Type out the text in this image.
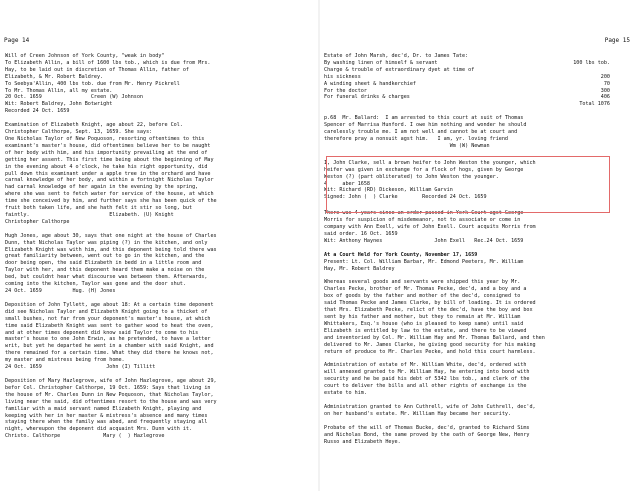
Page 14
Will of Creen Johnson of York County, "weak in body"
To Elizabeth Allin, a bill of 1600 lbs tob., which is due from Mrs.
Hay, to be laid out in discretion of Thomas Allin, father of
Elizabeth, & Mr. Robert Baldrey.
To Seebya'Allin, 400 lbs tob. due from Mr. Henry Pickrell
To Mr. Thomas Allin, all my estate.
20 Oct. 1659                Creen (W) Johnson
Wit: Robert Baldrey, John Botwright
Recorded 24 Oct. 1659
Examination of Elizabeth Knight, age about 22, before Col.
Christopher Calthorpe, Sept. 13, 1659. She says:
One Nicholas Taylor of New Poquoson, resorting oftentimes to this
examinant's master's house, did oftentimes believe her to be naught
of her body with him, and his importunity prevailing at the end of
getting her assent. This first time being about the beginning of May
in the evening about 4 o'clock, he take his right opportunity, did
pull down this examinant under a apple tree in the orchard and have
carnal knowledge of her body, and within a fortnight Nicholas Taylor
had carnal knowledge of her again in the evening by the spring,
where she was sent to fetch water for service of the house, at which
time she conceived by him, and further says she has been quick of the
fruit both taken life, and she hath felt it stir so long, but
faintly.                          Elizabeth. (U) Knight
Christopher Calthorpe
Hugh Jones, age about 30, says that one night at the house of Charles
Dunn, that Nicholas Taylor was piping (?) in the kitchen, and only
Elizabeth Knight was with him, and this deponent being told there was
great familiarity between, went out to go in the kitchen, and the
door being open, the said Elizabeth in bedd in a little room and
Taylor with her, and this deponent heard them make a noise on the
bed, but couldnt hear what discourse was between them. Afterwards,
coming into the kitchen, Taylor was gone and the door shut.
24 Oct. 1659          Hug. (H) Jones
Deposition of John Tyllett, age about 18: At a certain time deponent
did see Nicholas Taylor and Elizabeth Knight going to a thicket of
small bushes, not far from your deponent's master's house, at which
time said Elizabeth Knight was sent to gather wood to heat the oven,
and at other times deponent did know said Taylor to come to his
master's house to one John Erwin, as he pretended, to have a letter
writ, but yet he departed he went in a chamber with said Knight, and
there remained for a certain time. What they did there he knows not,
my master and mistress being from home.
24 Oct. 1659                     John (I) Tillitt
Deposition of Mary Hazlegrove, wife of John Hazlegrove, age about 29,
befor Col. Christopher Calthorpe, 19 Oct. 1659: Says that living in
the house of Mr. Charles Dunn in New Poquoson, that Nicholas Taylor,
living near the said, did oftentimes resort to the house and was very
familiar with a maid servant named Elizabeth Knight, playing and
keeping with her in her master & mistress's absence and many times
staying there when the family was abed, and frequently staying all
night, whereupon the deponent did acquaint Mrs. Dunn with it.
Christo. Calthorpe              Mary (  ) Hazlegrove
Page 15
Estate of John Marsh, dec'd, Dr. to James Tate:
By washing linen of himself & servant	100 lbs tob.
Charge & trouble of extraordinary dyet at time of
his sickness	200
A winding sheet & handkerchief	70
For the doctor	300
For funeral drinks & charges	406
Total 1076
p.68  Mr. Ballard:  I am arrested to this court at suit of Thomas
Spencer of Marrisa Hunford. I owe him nothing and wonder he should
carelessly trouble me. I am not well and cannot be at court and
therefore pray a nonsuit agst him.   I am, yr. loving friend
Wm (W) Newman
I, John Clarke, sell a brown heifer to John Weston the younger, which
heifer was given in exchange for a flock of hogs, given by George
Weston (?) (part obliterated) to John Weston the younger.
4     aber 1658
Wit: Richard (RD) Dickeson, William Garvin
Signed: John (  ) Clarke        Recorded 24 Oct. 1659
There was 4 years since an order passed in York Court agst George
Morris for suspicion of misdemeanor, not to associate or come in
company with Ann Exell, wife of John Exell. Court acquits Morris from
said order. 16 Oct. 1659
Wit: Anthony Haynes                 John Exell   Rec.24 Oct. 1659
At a Court Held for York County, November 17, 1659
Present: Lt. Col. William Barbar, Mr. Edmond Peeters, Mr. William
Hay, Mr. Robert Baldrey
Whereas several goods and servants were shipped this year by Mr.
Charles Pecke, brother of Mr. Thomas Pecke, dec'd, and a boy and a
box of goods by the father and mother of the dec'd, consigned to
said Thomas Pecke and James Clarke, by bill of loading. It is ordered
that Mrs. Elizabeth Pecke, relict of the dec'd, have the boy and box
sent by his father and mother, but they to remain at Mr. William
Whittakers, Esq.'s house (who is pleased to keep same) until said
Elizabeth is entitled by law to the estate, and there to be viewed
and inventoried by Col. Mr. William Hay and Mr. Thomas Ballard, and then
delivered to Mr. James Clarke, he giving good security for his making
return of produce to Mr. Charles Pecke, and hold this court harmless.
Administration of estate of Mr. William White, dec'd, ordered with
will annexed granted to Mr. William Hay, he entering into bond with
security and he be paid his debt of 5342 lbs tob., and clerk of the
court to deliver the bills and all other rights of exchange is the
estate to him.
Administration granted to Ann Cuthrell, wife of John Cuthrell, dec'd,
on her husband's estate. Mr. William Hay became her security.
Probate of the will of Thomas Bucke, dec'd, granted to Richard Sims
and Nicholas Bond, the same proved by the oath of George New, Henry
Russo and Elizabeth Heye.
